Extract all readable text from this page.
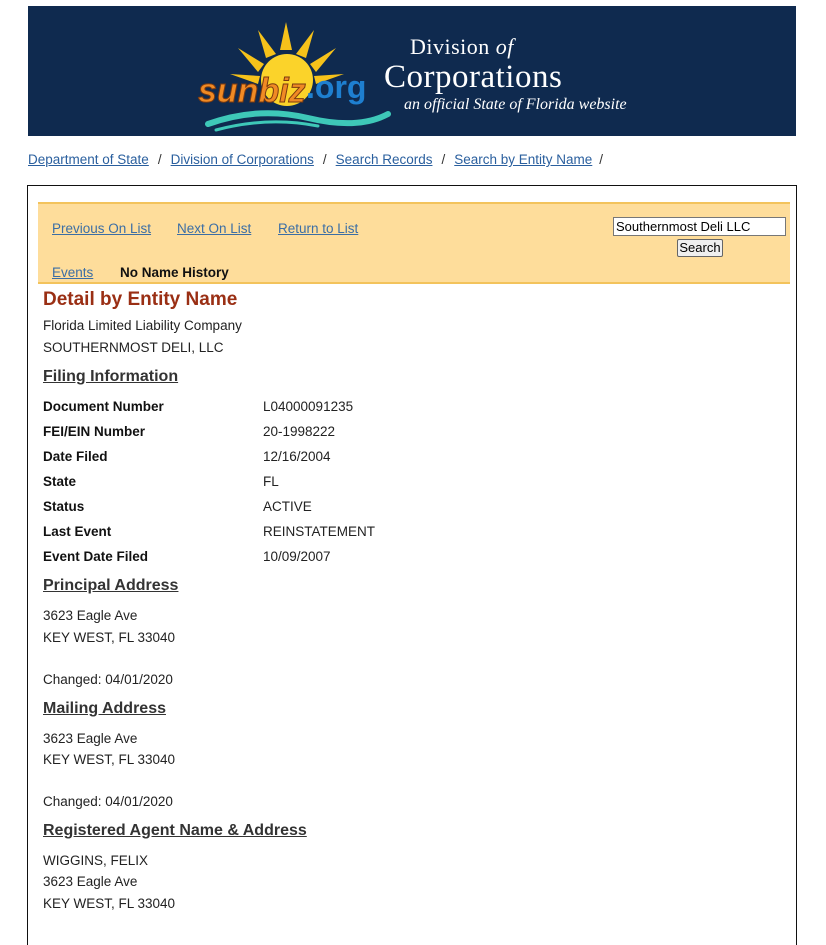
sunbiz .org
Division of
Corporations
an official State of Florida website
Department of State / Division of Corporations / Search Records / Search by Entity Name /
Previous On List Next On List Return to List
Events No Name History
Southernmost Deli LLC
Search
Detail by Entity Name
Florida Limited Liability Company
SOUTHERNMOST DELI, LLC
Filing Information
Document Number	L04000091235
FEI/EIN Number	20-1998222
Date Filed	12/16/2004
State	FL
Status	ACTIVE
Last Event	REINSTATEMENT
Event Date Filed	10/09/2007
Principal Address
3623 Eagle Ave
KEY WEST, FL 33040
Changed: 04/01/2020
Mailing Address
3623 Eagle Ave
KEY WEST, FL 33040
Changed: 04/01/2020
Registered Agent Name & Address
WIGGINS, FELIX
3623 Eagle Ave
KEY WEST, FL 33040
